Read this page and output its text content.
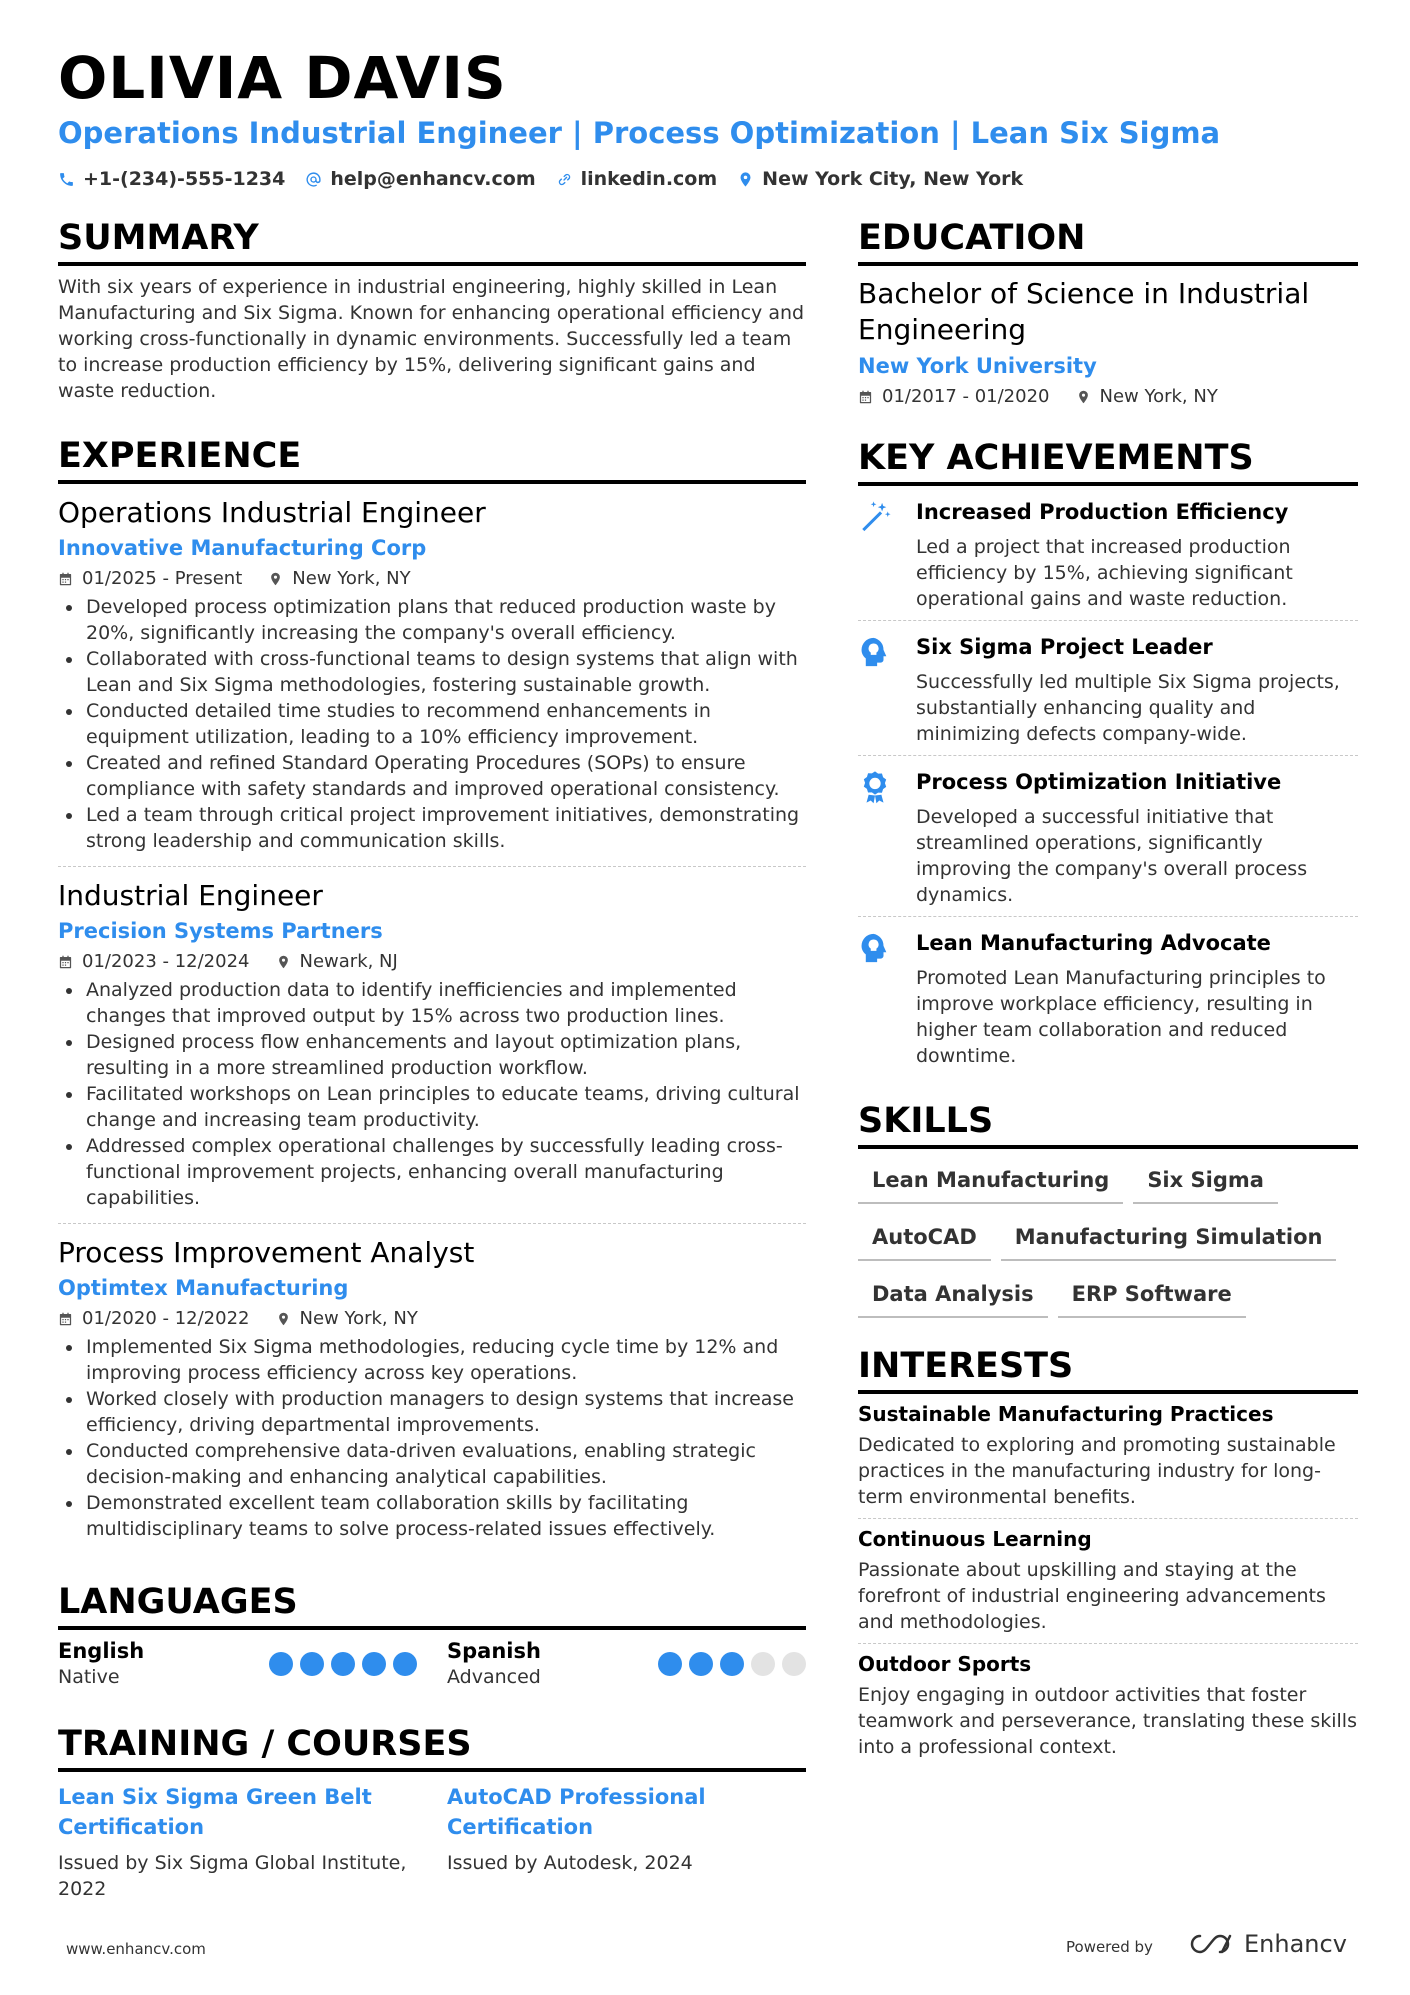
OLIVIA DAVIS
Operations Industrial Engineer | Process Optimization | Lean Six Sigma
+1-(234)-555-1234 help@enhancv.com linkedin.com New York City, New York
SUMMARY

With six years of experience in industrial engineering, highly skilled in Lean Manufacturing and Six Sigma. Known for enhancing operational efficiency and working cross-functionally in dynamic environments. Successfully led a team to increase production efficiency by 15%, delivering significant gains and waste reduction.

EXPERIENCE
Operations Industrial Engineer
Innovative Manufacturing Corp
01/2025 - Present	New York, NY
Developed process optimization plans that reduced production waste by 20%, significantly increasing the company's overall efficiency.
Collaborated with cross-functional teams to design systems that align with Lean and Six Sigma methodologies, fostering sustainable growth.
Conducted detailed time studies to recommend enhancements in equipment utilization, leading to a 10% efficiency improvement.
Created and refined Standard Operating Procedures (SOPs) to ensure compliance with safety standards and improved operational consistency.
Led a team through critical project improvement initiatives, demonstrating strong leadership and communication skills.
Industrial Engineer
Precision Systems Partners
01/2023 - 12/2024	Newark, NJ
Analyzed production data to identify inefficiencies and implemented changes that improved output by 15% across two production lines.
Designed process flow enhancements and layout optimization plans, resulting in a more streamlined production workflow.
Facilitated workshops on Lean principles to educate teams, driving cultural change and increasing team productivity.
Addressed complex operational challenges by successfully leading cross-functional improvement projects, enhancing overall manufacturing capabilities.
Process Improvement Analyst
Optimtex Manufacturing
01/2020 - 12/2022	New York, NY
Implemented Six Sigma methodologies, reducing cycle time by 12% and improving process efficiency across key operations.
Worked closely with production managers to design systems that increase efficiency, driving departmental improvements.
Conducted comprehensive data-driven evaluations, enabling strategic decision-making and enhancing analytical capabilities.
Demonstrated excellent team collaboration skills by facilitating multidisciplinary teams to solve process-related issues effectively.
LANGUAGES
English
Native
Spanish
Advanced
TRAINING / COURSES
Lean Six Sigma Green Belt Certification
Issued by Six Sigma Global Institute, 2022
AutoCAD Professional Certification
Issued by Autodesk, 2024
EDUCATION
Bachelor of Science in Industrial Engineering
New York University
01/2017 - 01/2020	New York, NY
KEY ACHIEVEMENTS
Increased Production Efficiency
Led a project that increased production efficiency by 15%, achieving significant operational gains and waste reduction.
Six Sigma Project Leader
Successfully led multiple Six Sigma projects, substantially enhancing quality and minimizing defects company-wide.
Process Optimization Initiative
Developed a successful initiative that streamlined operations, significantly improving the company's overall process dynamics.
Lean Manufacturing Advocate
Promoted Lean Manufacturing principles to improve workplace efficiency, resulting in higher team collaboration and reduced downtime.
SKILLS
Lean Manufacturing	Six Sigma
AutoCAD	Manufacturing Simulation
Data Analysis	ERP Software
INTERESTS
Sustainable Manufacturing Practices
Dedicated to exploring and promoting sustainable practices in the manufacturing industry for long-term environmental benefits.
Continuous Learning
Passionate about upskilling and staying at the forefront of industrial engineering advancements and methodologies.
Outdoor Sports
Enjoy engaging in outdoor activities that foster teamwork and perseverance, translating these skills into a professional context.
www.enhancv.com	Powered by	Enhancv
